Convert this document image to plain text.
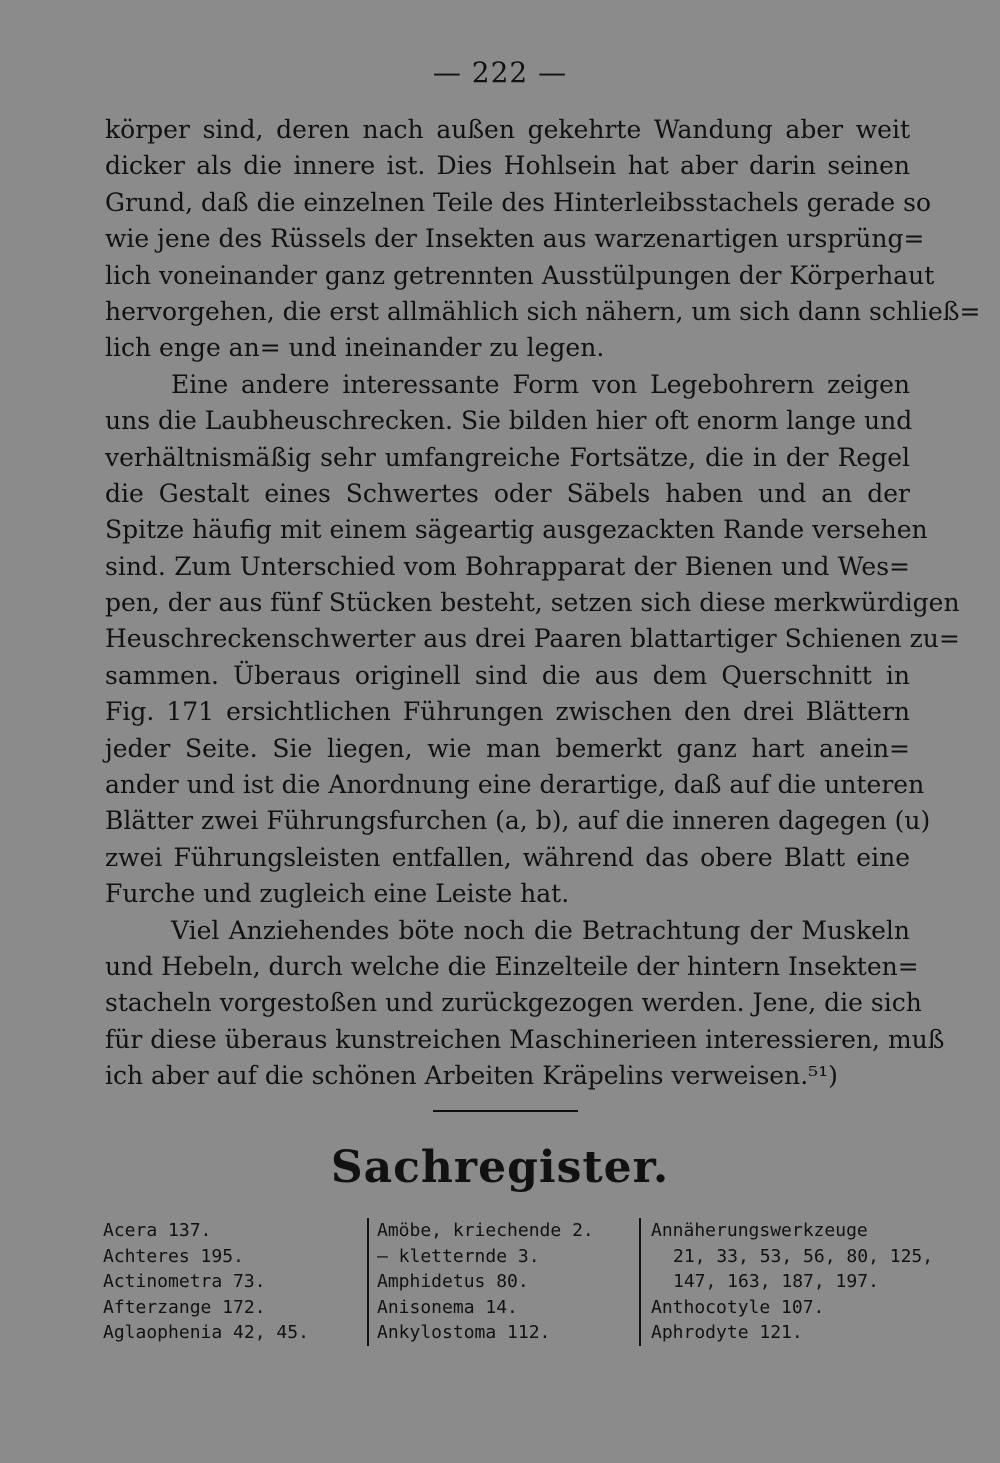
— 222 —
körper sind, deren nach außen gekehrte Wandung aber weit
dicker als die innere ist. Dies Hohlsein hat aber darin seinen
Grund, daß die einzelnen Teile des Hinterleibsstachels gerade so
wie jene des Rüssels der Insekten aus warzenartigen ursprüng=
lich voneinander ganz getrennten Ausstülpungen der Körperhaut
hervorgehen, die erst allmählich sich nähern, um sich dann schließ=
lich enge an= und ineinander zu legen.
Eine andere interessante Form von Legebohrern zeigen
uns die Laubheuschrecken. Sie bilden hier oft enorm lange und
verhältnismäßig sehr umfangreiche Fortsätze, die in der Regel
die Gestalt eines Schwertes oder Säbels haben und an der
Spitze häufig mit einem sägeartig ausgezackten Rande versehen
sind. Zum Unterschied vom Bohrapparat der Bienen und Wes=
pen, der aus fünf Stücken besteht, setzen sich diese merkwürdigen
Heuschreckenschwerter aus drei Paaren blattartiger Schienen zu=
sammen. Überaus originell sind die aus dem Querschnitt in
Fig. 171 ersichtlichen Führungen zwischen den drei Blättern
jeder Seite. Sie liegen, wie man bemerkt ganz hart anein=
ander und ist die Anordnung eine derartige, daß auf die unteren
Blätter zwei Führungsfurchen (a, b), auf die inneren dagegen (u)
zwei Führungsleisten entfallen, während das obere Blatt eine
Furche und zugleich eine Leiste hat.
Viel Anziehendes böte noch die Betrachtung der Muskeln
und Hebeln, durch welche die Einzelteile der hintern Insekten=
stacheln vorgestoßen und zurückgezogen werden. Jene, die sich
für diese überaus kunstreichen Maschinerieen interessieren, muß
ich aber auf die schönen Arbeiten Kräpelins verweisen.⁵¹)
Sachregister.
Acera 137.
Achteres 195.
Actinometra 73.
Afterzange 172.
Aglaophenia 42, 45.
Amöbe, kriechende 2.
— kletternde 3.
Amphidetus 80.
Anisonema 14.
Ankylostoma 112.
Annäherungswerkzeuge
21, 33, 53, 56, 80, 125,
147, 163, 187, 197.
Anthocotyle 107.
Aphrodyte 121.
